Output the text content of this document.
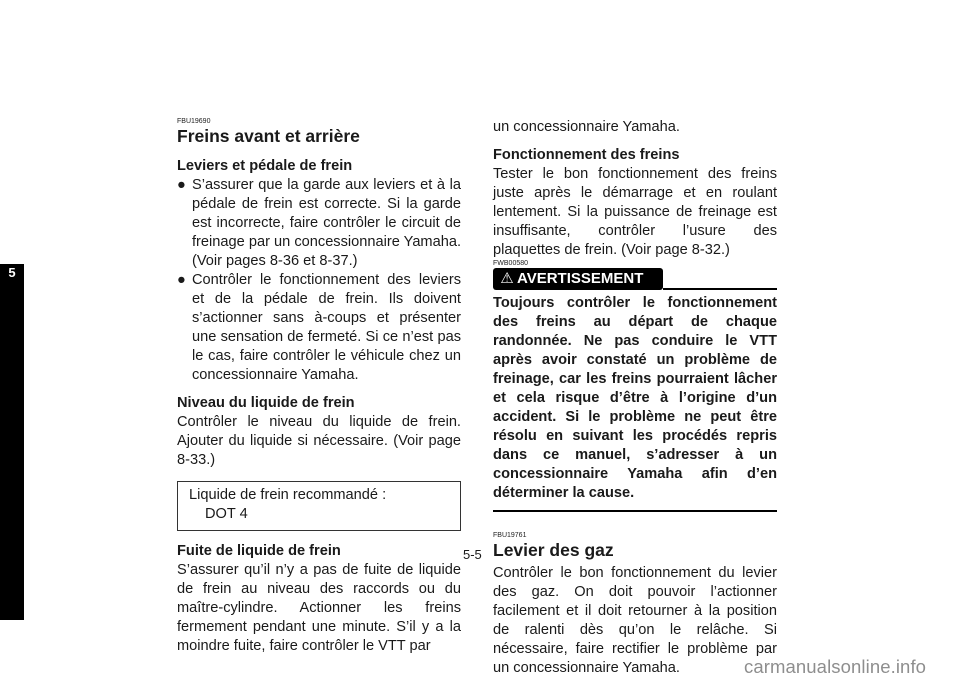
5
FBU19690
Freins avant et arrière
Leviers et pédale de frein
● S’assurer que la garde aux leviers et à la pédale de frein est correcte. Si la garde est incorrecte, faire contrôler le circuit de freinage par un concessionnaire Yamaha. (Voir pages 8-36 et 8-37.)
● Contrôler le fonctionnement des leviers et de la pédale de frein. Ils doivent s’actionner sans à-coups et présenter une sensation de fermeté. Si ce n’est pas le cas, faire contrôler le véhicule chez un concessionnaire Yamaha.
Niveau du liquide de frein
Contrôler le niveau du liquide de frein. Ajouter du liquide si nécessaire. (Voir page 8-33.)
Liquide de frein recommandé :
DOT 4
Fuite de liquide de frein
S’assurer qu’il n’y a pas de fuite de liquide de frein au niveau des raccords ou du maître-cylindre. Actionner les freins fermement pendant une minute. S’il y a la moindre fuite, faire contrôler le VTT par
un concessionnaire Yamaha.
Fonctionnement des freins
Tester le bon fonctionnement des freins juste après le démarrage et en roulant lentement. Si la puissance de freinage est insuffisante, contrôler l’usure des plaquettes de frein. (Voir page 8-32.)
FWB00580
⚠ AVERTISSEMENT
Toujours contrôler le fonctionnement des freins au départ de chaque randonnée. Ne pas conduire le VTT après avoir constaté un problème de freinage, car les freins pourraient lâcher et cela risque d’être à l’origine d’un accident. Si le problème ne peut être résolu en suivant les procédés repris dans ce manuel, s’adresser à un concessionnaire Yamaha afin d’en déterminer la cause.
FBU19761
Levier des gaz
Contrôler le bon fonctionnement du levier des gaz. On doit pouvoir l’actionner facilement et il doit retourner à la position de ralenti dès qu’on le relâche. Si nécessaire, faire rectifier le problème par un concessionnaire Yamaha.
5-5
carmanualsonline.info
